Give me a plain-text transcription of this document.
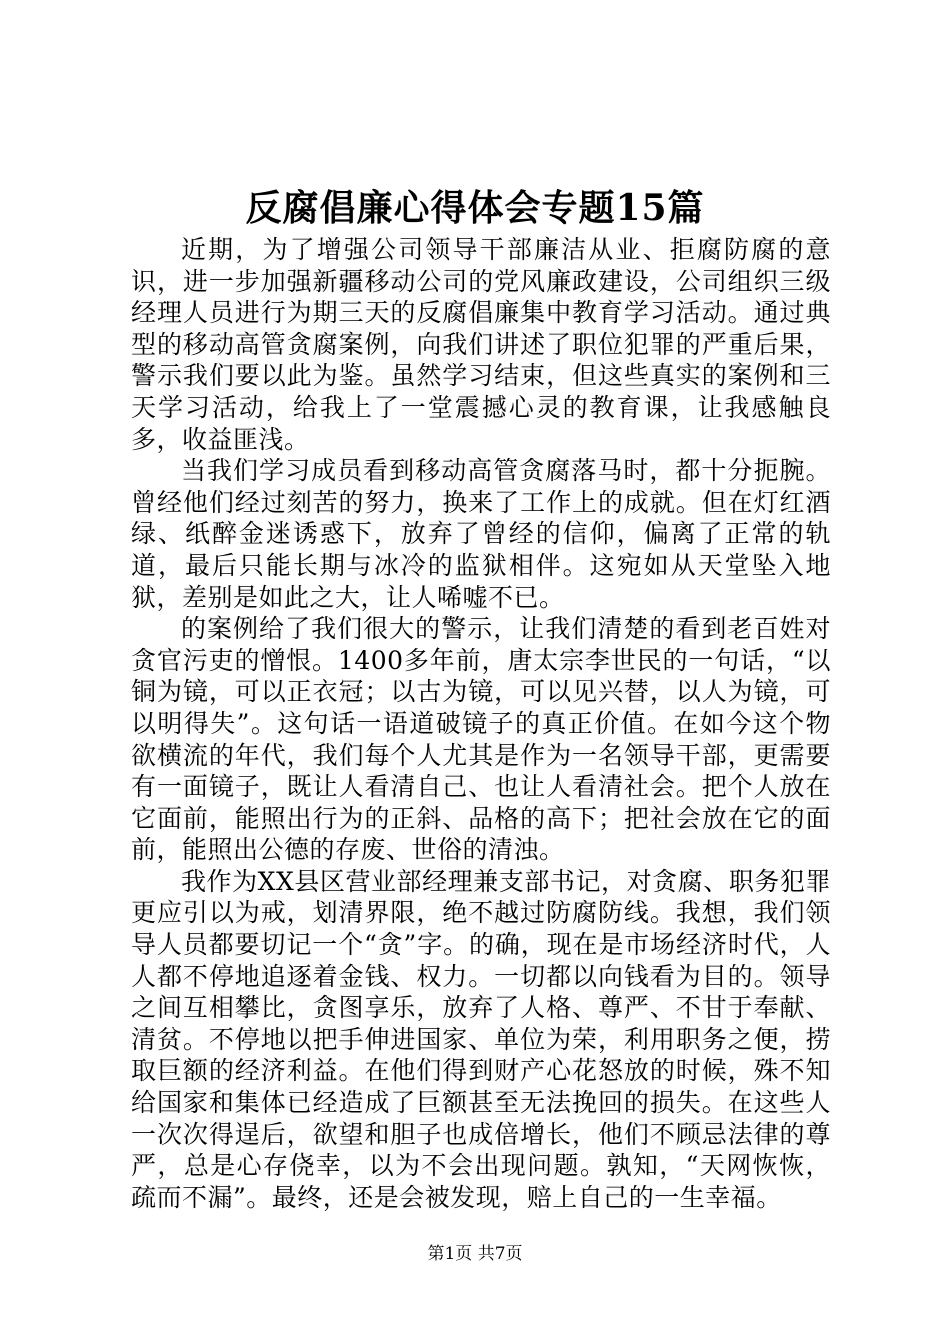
反腐倡廉心得体会专题15篇

近期，为了增强公司领导干部廉洁从业、拒腐防腐的意识，进一步加强新疆移动公司的党风廉政建设，公司组织三级经理人员进行为期三天的反腐倡廉集中教育学习活动。通过典型的移动高管贪腐案例，向我们讲述了职位犯罪的严重后果，警示我们要以此为鉴。虽然学习结束，但这些真实的案例和三天学习活动，给我上了一堂震撼心灵的教育课，让我感触良多，收益匪浅。

当我们学习成员看到移动高管贪腐落马时，都十分扼腕。曾经他们经过刻苦的努力，换来了工作上的成就。但在灯红酒绿、纸醉金迷诱惑下，放弃了曾经的信仰，偏离了正常的轨道，最后只能长期与冰冷的监狱相伴。这宛如从天堂坠入地狱，差别是如此之大，让人唏嘘不已。

的案例给了我们很大的警示，让我们清楚的看到老百姓对贪官污吏的憎恨。1400多年前，唐太宗李世民的一句话，“以铜为镜，可以正衣冠；以古为镜，可以见兴替，以人为镜，可以明得失”。这句话一语道破镜子的真正价值。在如今这个物欲横流的年代，我们每个人尤其是作为一名领导干部，更需要有一面镜子，既让人看清自己、也让人看清社会。把个人放在它面前，能照出行为的正斜、品格的高下；把社会放在它的面前，能照出公德的存废、世俗的清浊。

我作为XX县区营业部经理兼支部书记，对贪腐、职务犯罪更应引以为戒，划清界限，绝不越过防腐防线。我想，我们领导人员都要切记一个“贪”字。的确，现在是市场经济时代，人人都不停地追逐着金钱、权力。一切都以向钱看为目的。领导之间互相攀比，贪图享乐，放弃了人格、尊严、不甘于奉献、清贫。不停地以把手伸进国家、单位为荣，利用职务之便，捞取巨额的经济利益。在他们得到财产心花怒放的时候，殊不知给国家和集体已经造成了巨额甚至无法挽回的损失。在这些人一次次得逞后，欲望和胆子也成倍增长，他们不顾忌法律的尊严，总是心存侥幸，以为不会出现问题。孰知，“天网恢恢，疏而不漏”。最终，还是会被发现，赔上自己的一生幸福。

第1页 共7页
